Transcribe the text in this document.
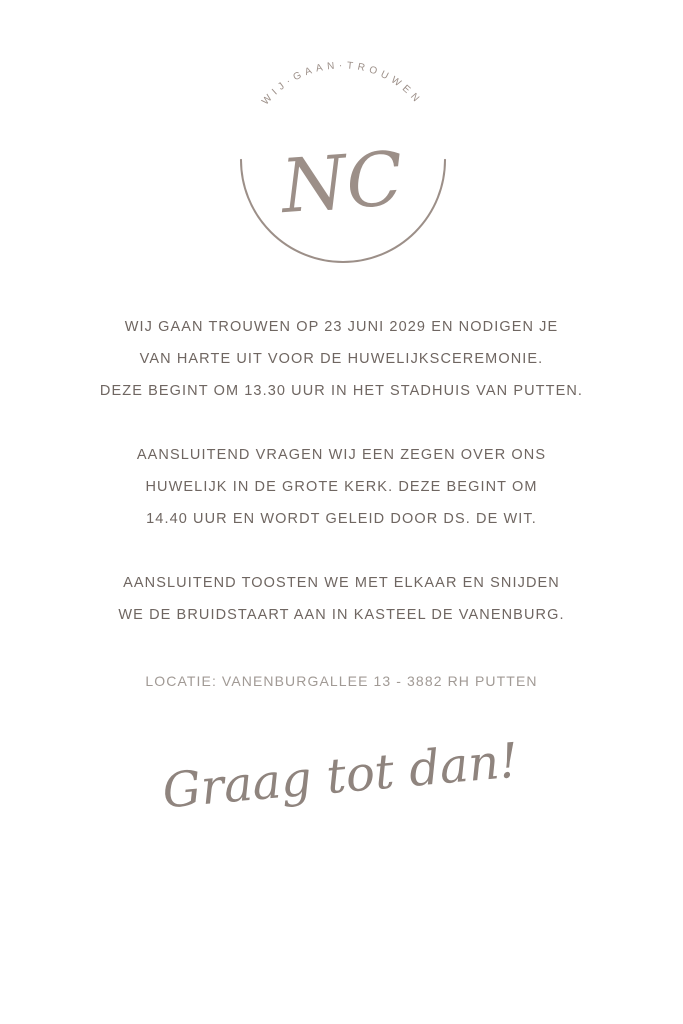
WIJ·GAAN·TROUWEN
NC
WIJ GAAN TROUWEN OP 23 JUNI 2029 EN NODIGEN JE
VAN HARTE UIT VOOR DE HUWELIJKSCEREMONIE.
DEZE BEGINT OM 13.30 UUR IN HET STADHUIS VAN PUTTEN.
AANSLUITEND VRAGEN WIJ EEN ZEGEN OVER ONS
HUWELIJK IN DE GROTE KERK. DEZE BEGINT OM
14.40 UUR EN WORDT GELEID DOOR DS. DE WIT.
AANSLUITEND TOOSTEN WE MET ELKAAR EN SNIJDEN
WE DE BRUIDSTAART AAN IN KASTEEL DE VANENBURG.
LOCATIE: VANENBURGALLEE 13 - 3882 RH PUTTEN
Graag tot dan!
